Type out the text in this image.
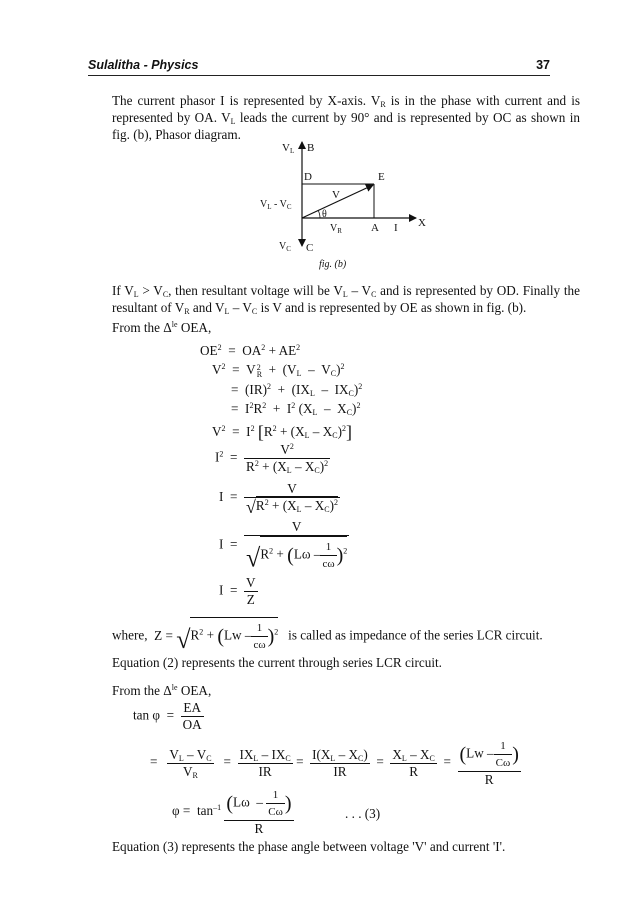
Sulalitha - Physics	37

The current phasor I is represented by X-axis. $V_R$ is in the phase with current and is represented by OA. $V_L$ leads the current by 90° and is represented by OC as shown in fig. (b), Phasor diagram.

VL B
D	E
$V_L - V_C$
V
θ
$V_R$	A I X
$V_C$ C
fig. (b)

If $V_L > V_C$, then resultant voltage will be $V_L - V_C$ and is represented by OD. Finally the resultant of $V_R$ and $V_L - V_C$ is V and is represented by OE as shown in fig. (b).

From the $\Delta^{le}$ OEA,
$OE^2 = OA^2 + AE^2$
$V^2 = V2$
$R + (V_L - V_C)^2$
=  $(IR)^2 + (IX_L - IX_C)^2$
=  $I^2R^2 + I^2$ $(X_L - X_C)^2$
$V^2 = I^2$ $[R^2 + (X_L - X_C)^2]$
$I^2 = \frac{V^2}{R^2 + (X_L - X_C)^2}$
$I = \frac{V}{√R^2 + (X_L - X_C)^2}$
$I = \frac{V}{√R^2 + (L\omega - \frac{1}{c\omega} )^2}$
$I = \frac{V}{Z}$
where, $Z = √R^2 + (Lw - \frac{1}{c\omega} )^2$ is called as impedance of the series LCR circuit.
Equation (2) represents the current through series LCR circuit.
From the $\Delta^{le}$ OEA,
$\tan \varphi = \frac{EA}{OA}$
= $\frac{V_L - V_C}{V_R} = \frac{IX_L - IX_C}{IR} = \frac{I(X_L - X_C)}{IR} = \frac{X_L - X_C}{R} = \frac{(Lw - \frac{1}{C\omega} )}{R}$
$\varphi = \tan^{-1} \frac{(L\omega - \frac{1}{C\omega} )}{R}$	. . . (3)
Equation (3) represents the phase angle between voltage 'V' and current 'I'.
